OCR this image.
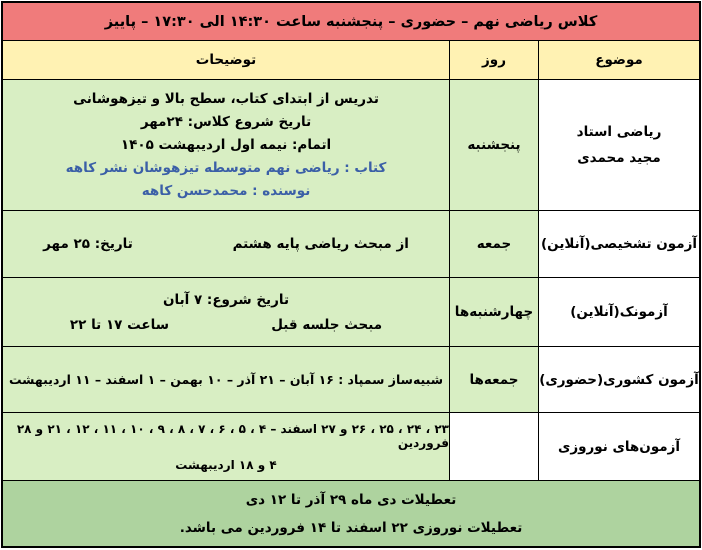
کلاس ریاضی نهم – حضوری – پنجشنبه ساعت ۱۴:۳۰ الی ۱۷:۳۰ – پاییز
موضوع
روز
توضیحات
ریاضی استاد
مجید محمدی
پنجشنبه
تدریس از ابتدای کتاب، سطح بالا و تیزهوشانی
تاریخ شروع کلاس: ۲۴مهر
اتمام: نیمه اول اردیبهشت ۱۴۰۵
کتاب : ریاضی نهم متوسطه تیزهوشان نشر کاهه
نوسنده : محمدحسن کاهه
آزمون تشخیصی(آنلاین)
جمعه
تاریخ: ۲۵ مهر	از مبحث ریاضی پایه هشتم
آزمونک(آنلاین)
چهارشنبه‌ها
تاریخ شروع: ۷ آبان
ساعت ۱۷ تا ۲۲	مبحث جلسه قبل
آزمون کشوری(حضوری)
جمعه‌ها
شبیه‌ساز سمپاد : ۱۶ آبان – ۲۱ آذر – ۱۰ بهمن – ۱ اسفند – ۱۱ اردیبهشت
آزمون‌های نوروزی
۲۳ ، ۲۴ ، ۲۵ ، ۲۶ و ۲۷ اسفند – ۴ ، ۵ ، ۶ ، ۷ ، ۸ ، ۹ ، ۱۰ ، ۱۱ ، ۱۲ ، ۲۱ و ۲۸ فروردین
۴ و ۱۸ اردیبهشت
تعطیلات دی ماه ۲۹ آذر تا ۱۲ دی
تعطیلات نوروزی ۲۲ اسفند تا ۱۴ فروردین می باشد.
